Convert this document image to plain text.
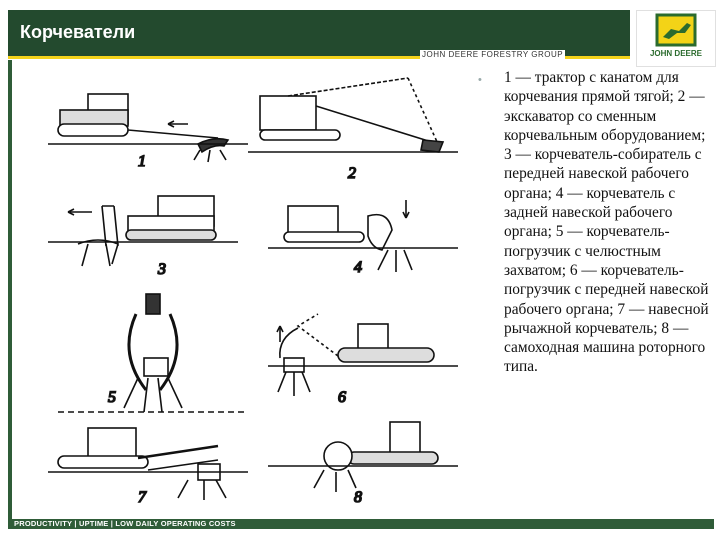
Корчеватели
JOHN DEERE FORESTRY GROUP	JOHN DEERE
1
2
3	4
5	6
7	8
• 1 — трактор с канатом для корчевания прямой тягой; 2 — экскаватор со сменным корчевальным оборудованием; 3 — корчеватель-собиратель с передней навеской рабочего органа; 4 — корчеватель с задней навеской рабочего органа; 5 — корчеватель-погрузчик с челюстным захватом; 6 — корчеватель-погрузчик с передней навеской рабочего органа; 7 — навесной рычажной корчеватель; 8 — самоходная машина роторного типа.
PRODUCTIVITY | UPTIME | LOW DAILY OPERATING COSTS
